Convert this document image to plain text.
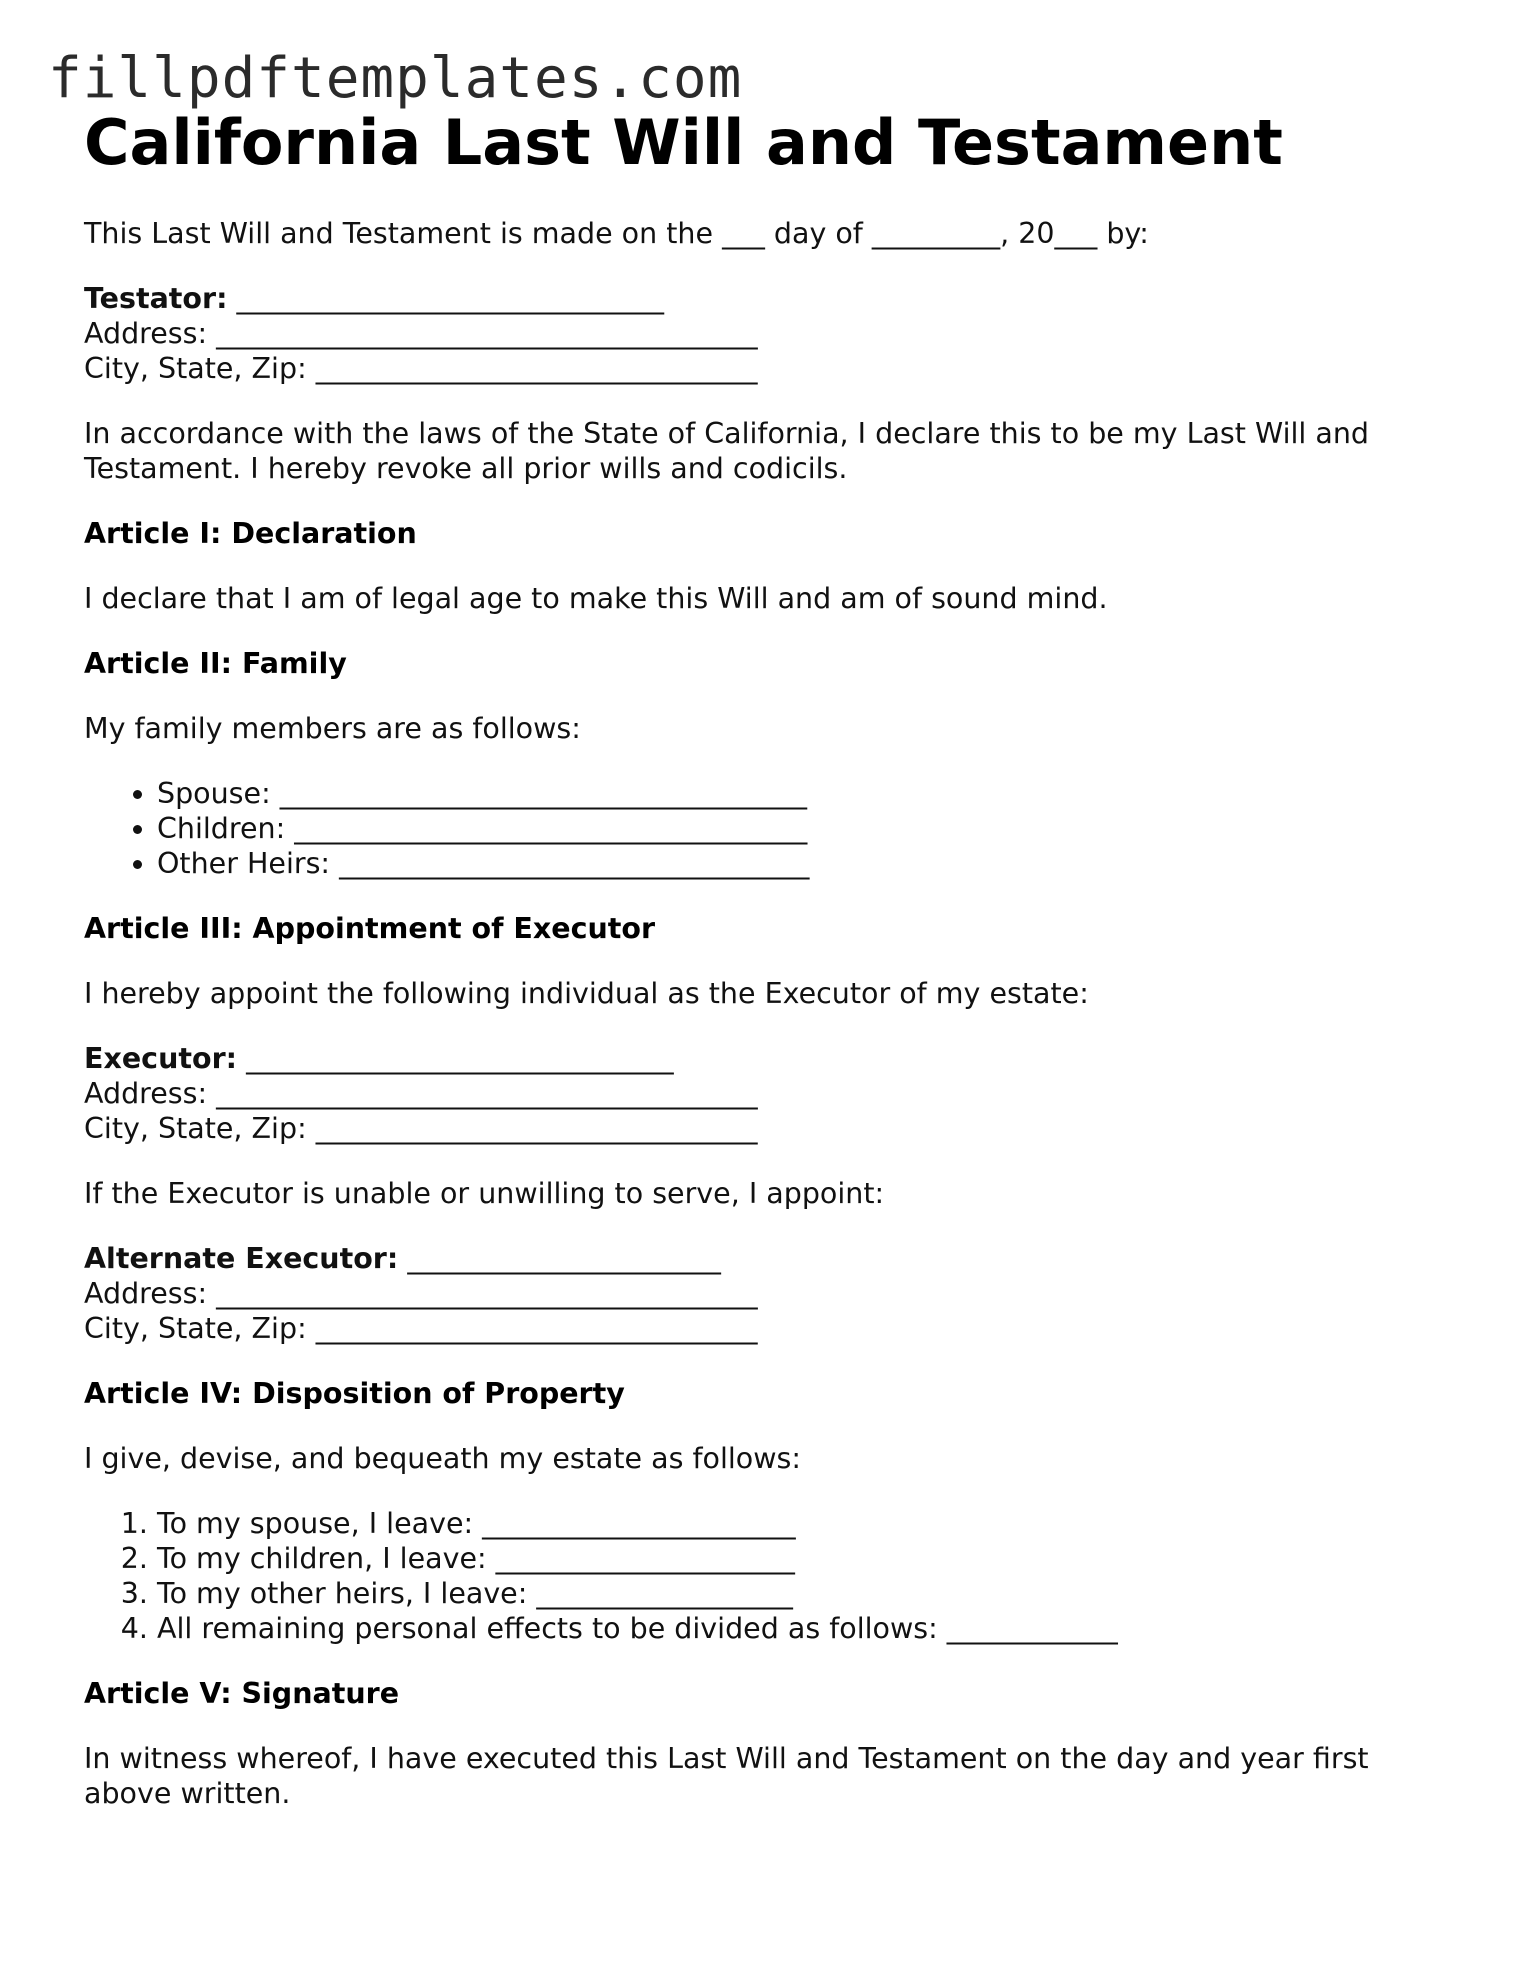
fillpdftemplates.com
California Last Will and Testament

This Last Will and Testament is made on the ___ day of _________, 20___ by:

Testator: ______________________________
Address: ______________________________________
City, State, Zip: _______________________________

In accordance with the laws of the State of California, I declare this to be my Last Will and Testament. I hereby revoke all prior wills and codicils.

Article I: Declaration

I declare that I am of legal age to make this Will and am of sound mind.

Article II: Family

My family members are as follows:

• Spouse: _____________________________________
• Children: ____________________________________
• Other Heirs: _________________________________
Article III: Appointment of Executor

I hereby appoint the following individual as the Executor of my estate:

Executor: ______________________________
Address: ______________________________________
City, State, Zip: _______________________________

If the Executor is unable or unwilling to serve, I appoint:

Alternate Executor: ______________________
Address: ______________________________________
City, State, Zip: _______________________________
Article IV: Disposition of Property

I give, devise, and bequeath my estate as follows:

1. To my spouse, I leave: ______________________
2. To my children, I leave: _____________________
3. To my other heirs, I leave: __________________
4. All remaining personal effects to be divided as follows: ____________
Article V: Signature

In witness whereof, I have executed this Last Will and Testament on the day and year first above written.
